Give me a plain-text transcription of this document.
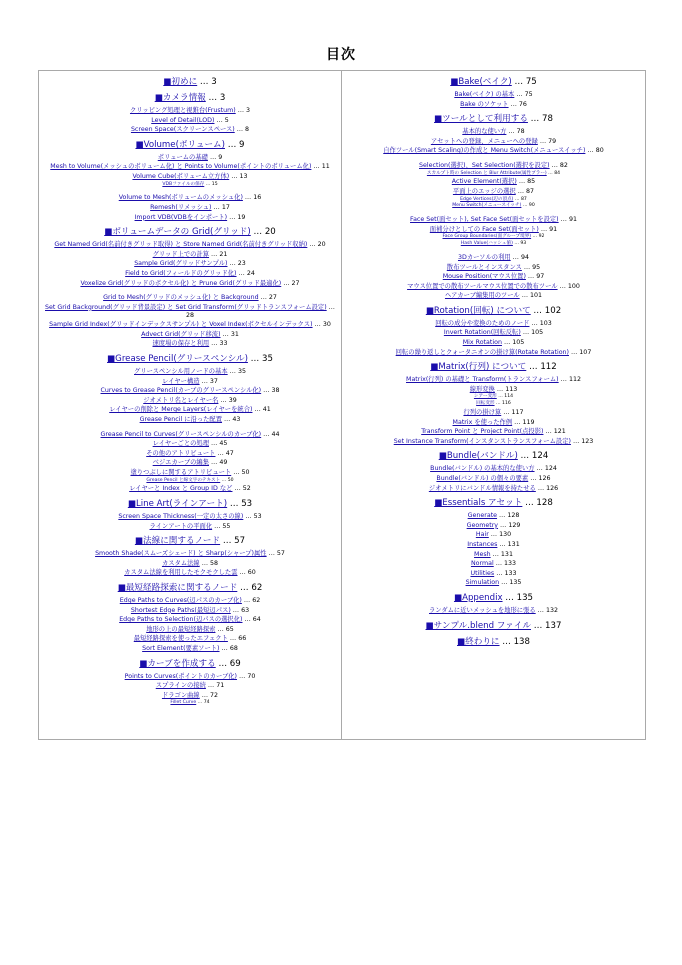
目次
■初めに … 3
■カメラ情報 … 3
クリッピング処理と視錐台(Frustum) … 3
Level of Detail(LOD) … 5
Screen Space(スクリーンスペース) … 8
■Volume(ボリューム) … 9
ボリュームの基礎 … 9
Mesh to Volume(メッシュのボリューム化) と Points to Volume(ポイントのボリューム化) … 11
Volume Cube(ボリューム立方体) … 13
VDBファイルの保存 … 15
Volume to Mesh(ボリュームのメッシュ化) … 16
Remesh(リメッシュ) … 17
Import VDB(VDBをインポート) … 19
■ボリュームデータの Grid(グリッド) … 20
Get Named Grid(名前付きグリッド取得) と Store Named Grid(名前付きグリッド収納) … 20
グリッド上での計算 … 21
Sample Grid(グリッドサンプル) … 23
Field to Grid(フィールドのグリッド化) … 24
Voxelize Grid(グリッドのボクセル化) と Prune Grid(グリッド最適化) … 27
Grid to Mesh(グリッドのメッシュ化) と Background … 27
Set Grid Background(グリッド背景設定) と Set Grid Transform(グリッドトランスフォーム設定) …
28
Sample Grid Index(グリッドインデックスサンプル) と Voxel Index(ボクセルインデックス) … 30
Advect Grid(グリッド移流) … 31
速度場の保存と利用 … 33
■Grease Pencil(グリースペンシル) … 35
グリースペンシル用ノードの基本 … 35
レイヤー構造 … 37
Curves to Grease Pencil(カーブのグリースペンシル化) … 38
ジオメトリ名とレイヤー名 … 39
レイヤーの削除と Merge Layers(レイヤーを統合) … 41
Grease Pencil に沿った配置 … 43
Grease Pencil to Curves(グリースペンシルのカーブ化) … 44
レイヤーごとの処理 … 45
その他のアトリビュート … 47
ベジエカーブの編集 … 49
塗りつぶしに関するアトリビュート … 50
Grease Pencil と線文字のテキスト … 50
レイヤーと Index と Group ID など … 52
■Line Art(ラインアート) … 53
Screen Space Thickness(一定の太さの線) … 53
ラインアートの平面化 … 55
■法線に関するノード … 57
Smooth Shade(スムーズシェード) と Sharp(シャープ)属性 … 57
カスタム法線 … 58
カスタム法線を利用したモクモクした雲 … 60
■最短経路探索に関するノード … 62
Edge Paths to Curves(辺パスのカーブ化) … 62
Shortest Edge Paths(最短辺パス) … 63
Edge Paths to Selection(辺パスの選択化) … 64
地形の上の最短経路探索 … 65
最短経路探索を使ったエフェクト … 66
Sort Element(要素ソート) … 68
■カーブを作成する … 69
Points to Curves(ポイントのカーブ化) … 70
スプラインの接続 … 71
ドラゴン曲線 … 72
Fillet Curve … 74
■Bake(ベイク) … 75
Bake(ベイク) の基本 … 75
Bake のソケット … 76
■ツールとして利用する … 78
基本的な使い方 … 78
アセットへの登録、メニューへの登録 … 79
自作ツール(Smart Scaling)の作成と Menu Switch(メニュースイッチ) … 80
Selection(選択)、Set Selection(選択を設定) … 82
スカルプト時の Selection と Blur Attribute(属性ブラー) … 84
Active Element(選択) … 85
平面上のエッジの選択 … 87
Edge Vertices(辺の頂点) … 87
Menu Switch(メニュースイッチ) … 90
Face Set(面セット), Set Face Set(面セットを設定) … 91
面補分けとしての Face Set(面セット) … 91
Face Group Boundaries(面グループ境界) … 92
Hash Value(ハッシュ値) … 93
3Dカーソルの利用 … 94
散布ツールとインスタンス … 95
Mouse Position(マウス位置) … 97
マウス位置での散布ツールマウス位置での散布ツール … 100
ヘアカーブ編集用のツール … 101
■Rotation(回転) について … 102
回転の成分や変換のためのノード … 103
Invert Rotation(回転反転) … 105
Mix Rotation … 105
回転の繰り返しとクォータニオンの掛け算(Rotate Rotation) … 107
■Matrix(行列) について … 112
Matrix(行列) の基礎と Transform(トランスフォーム) … 112
線形変換 … 113
シアー変形 … 114
回転変形 … 116
行列の掛け算 … 117
Matrix を使った作例 … 119
Transform Point と Project Point(点投影) … 121
Set Instance Transform(インスタンストランスフォーム設定) … 123
■Bundle(バンドル) … 124
Bundle(バンドル) の基本的な使い方 … 124
Bundle(バンドル) の個々の要素 … 126
ジオメトリにバンドル情報を持たせる … 126
■Essentials アセット … 128
Generate … 128
Geometry … 129
Hair … 130
Instances … 131
Mesh … 131
Normal … 133
Utilities … 133
Simulation … 135
■Appendix … 135
ランダムに近いメッシュを地形に張る … 132
■サンプル.blend ファイル … 137
■終わりに … 138
